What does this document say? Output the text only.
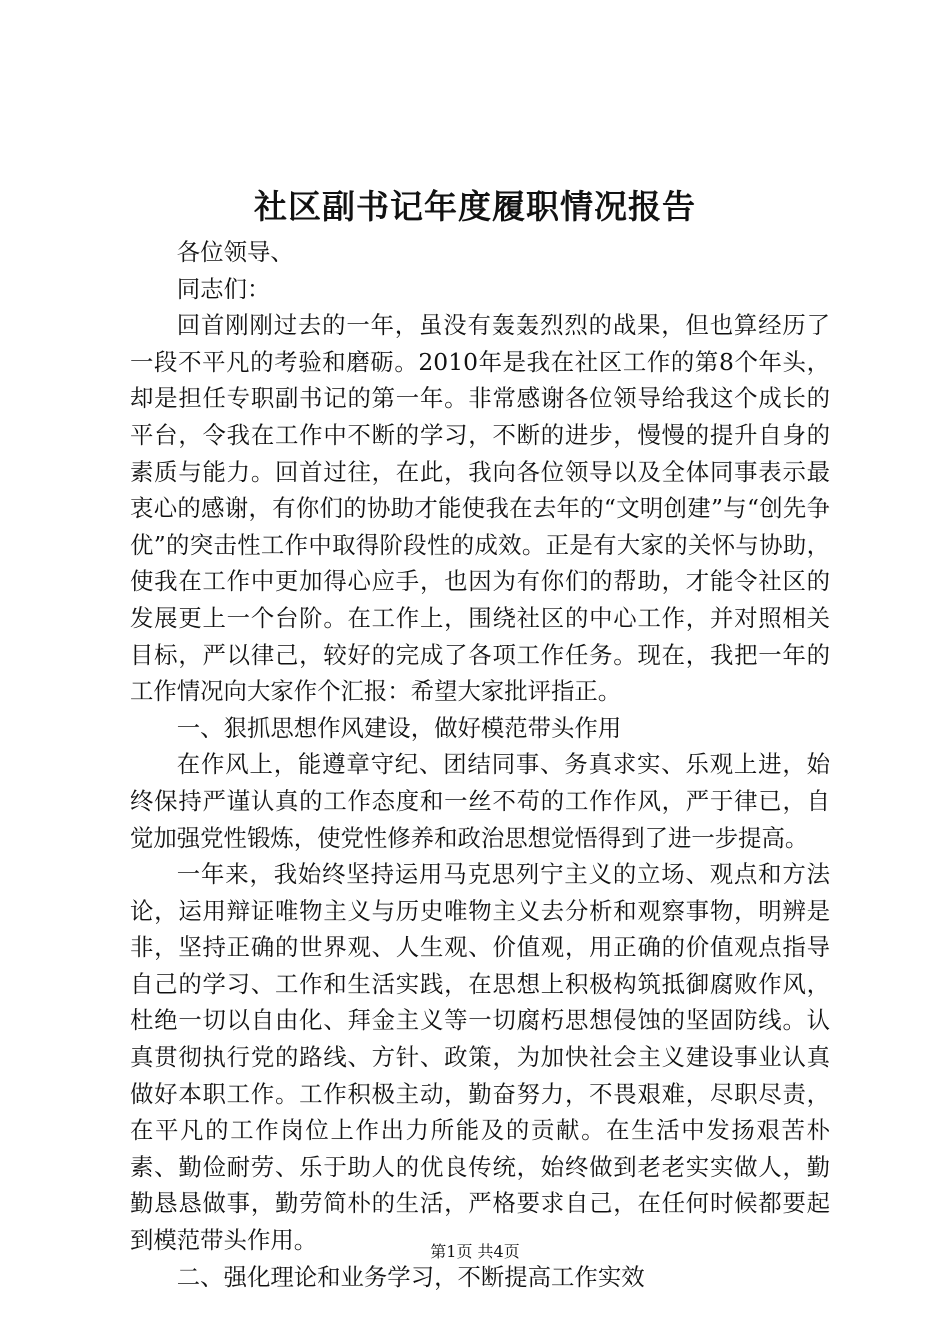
社区副书记年度履职情况报告

各位领导、

同志们：

回首刚刚过去的一年，虽没有轰轰烈烈的战果，但也算经历了一段不平凡的考验和磨砺。2010年是我在社区工作的第8个年头，却是担任专职副书记的第一年。非常感谢各位领导给我这个成长的平台，令我在工作中不断的学习，不断的进步，慢慢的提升自身的素质与能力。回首过往，在此，我向各位领导以及全体同事表示最衷心的感谢，有你们的协助才能使我在去年的“文明创建”与“创先争优”的突击性工作中取得阶段性的成效。正是有大家的关怀与协助，使我在工作中更加得心应手，也因为有你们的帮助，才能令社区的发展更上一个台阶。在工作上，围绕社区的中心工作，并对照相关目标，严以律己，较好的完成了各项工作任务。现在，我把一年的工作情况向大家作个汇报：希望大家批评指正。

一、狠抓思想作风建设，做好模范带头作用

在作风上，能遵章守纪、团结同事、务真求实、乐观上进，始终保持严谨认真的工作态度和一丝不苟的工作作风，严于律已，自觉加强党性锻炼，使党性修养和政治思想觉悟得到了进一步提高。

一年来，我始终坚持运用马克思列宁主义的立场、观点和方法论，运用辩证唯物主义与历史唯物主义去分析和观察事物，明辨是非，坚持正确的世界观、人生观、价值观，用正确的价值观点指导自己的学习、工作和生活实践，在思想上积极构筑抵御腐败作风，杜绝一切以自由化、拜金主义等一切腐朽思想侵蚀的坚固防线。认真贯彻执行党的路线、方针、政策，为加快社会主义建设事业认真做好本职工作。工作积极主动，勤奋努力，不畏艰难，尽职尽责，在平凡的工作岗位上作出力所能及的贡献。在生活中发扬艰苦朴素、勤俭耐劳、乐于助人的优良传统，始终做到老老实实做人，勤勤恳恳做事，勤劳简朴的生活，严格要求自己，在任何时候都要起到模范带头作用。

二、强化理论和业务学习，不断提高工作实效

第1页 共4页
